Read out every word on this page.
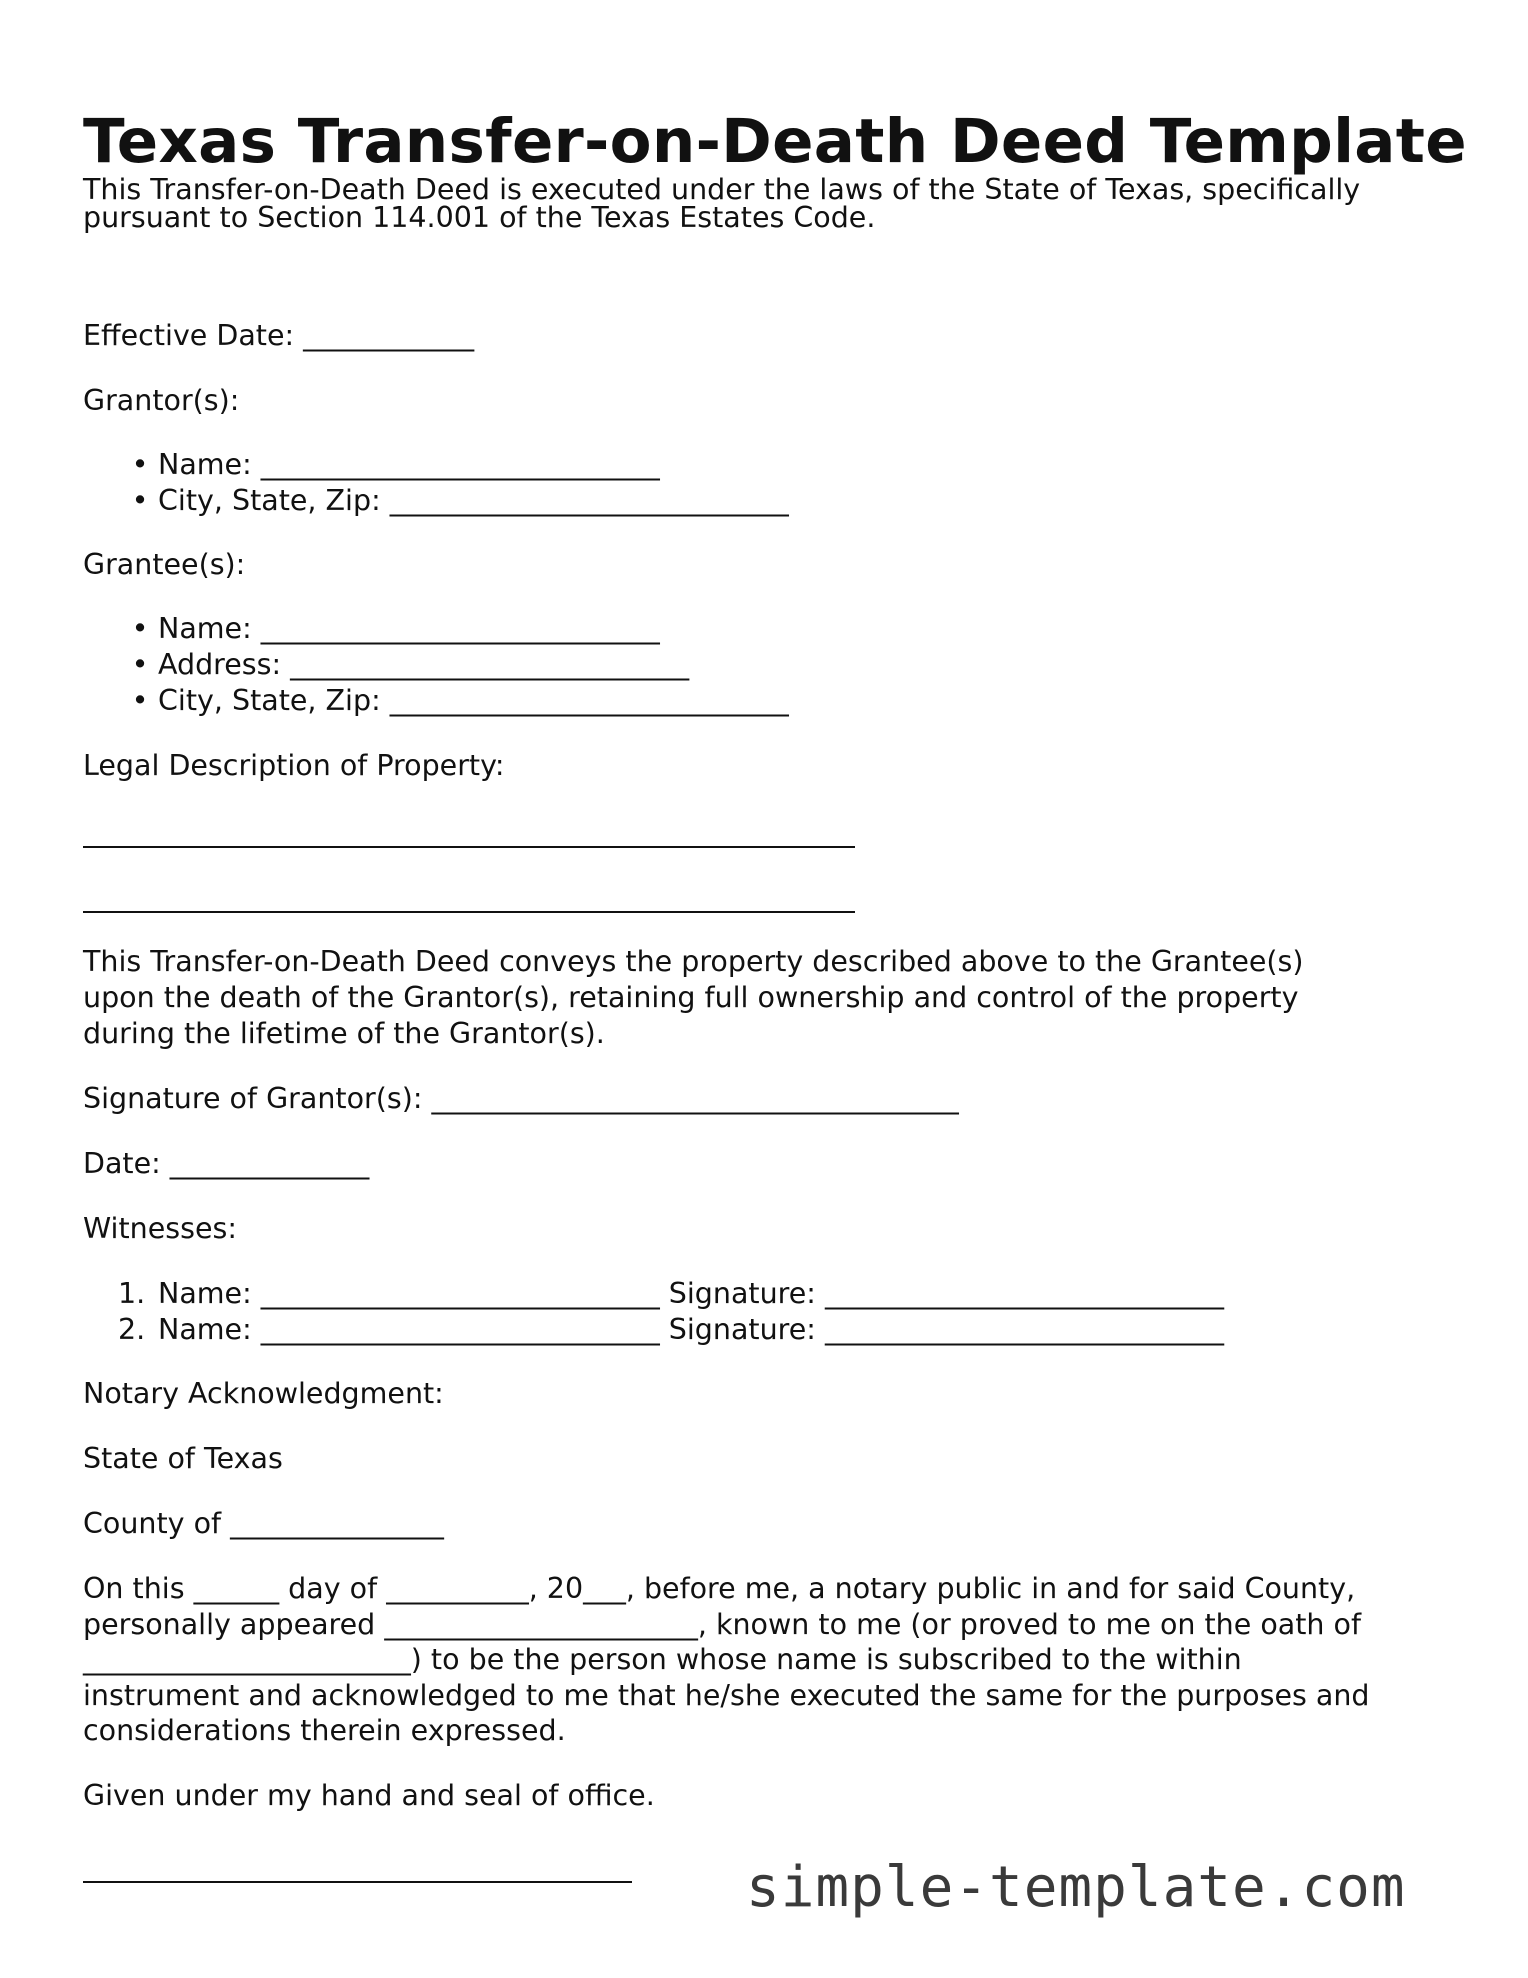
Texas Transfer-on-Death Deed Template
This Transfer-on-Death Deed is executed under the laws of the State of Texas, specifically
pursuant to Section 114.001 of the Texas Estates Code.
Effective Date: ____________
Grantor(s):
• Name: ____________________________
• City, State, Zip: ____________________________
Grantee(s):
• Name: ____________________________
• Address: ____________________________
• City, State, Zip: ____________________________
Legal Description of Property:
This Transfer-on-Death Deed conveys the property described above to the Grantee(s)
upon the death of the Grantor(s), retaining full ownership and control of the property
during the lifetime of the Grantor(s).
Signature of Grantor(s): _____________________________________
Date: ______________
Witnesses:
1. Name: ____________________________ Signature: ____________________________
2. Name: ____________________________ Signature: ____________________________
Notary Acknowledgment:
State of Texas
County of _______________
On this ______ day of __________, 20___, before me, a notary public in and for said County,
personally appeared ______________________, known to me (or proved to me on the oath of
_______________________) to be the person whose name is subscribed to the within
instrument and acknowledged to me that he/she executed the same for the purposes and
considerations therein expressed.
Given under my hand and seal of office.
simple-template.com
